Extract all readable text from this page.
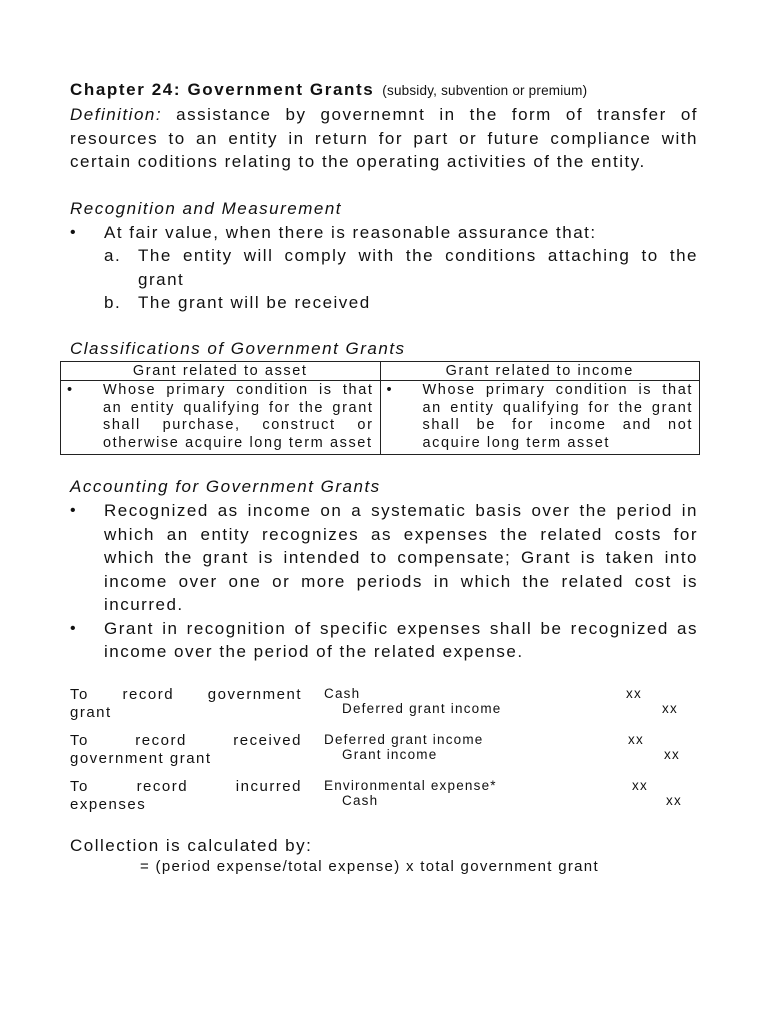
Chapter 24: Government Grants (subsidy, subvention or premium)
Definition: assistance by governemnt in the form of transfer of resources to an entity in return for part or future compliance with certain coditions relating to the operating activities of the entity.
Recognition and Measurement
•	At fair value, when there is reasonable assurance that:
a. The entity will comply with the conditions attaching to the grant
b. The grant will be received
Classifications of Government Grants
Grant related to asset	Grant related to income

• Whose primary condition is that an entity qualifying for the grant shall purchase, construct or otherwise acquire long term asset	• Whose primary condition is that an entity qualifying for the grant shall be for income and not acquire long term asset
Accounting for Government Grants
•	Recognized as income on a systematic basis over the period in which an entity recognizes as expenses the related costs for which the grant is intended to compensate; Grant is taken into income over one or more periods in which the related cost is incurred.
•	Grant in recognition of specific expenses shall be recognized as income over the period of the related expense.
To record government
grant
Cash	xx
Deferred grant income	xx
To record received
government grant
Deferred grant income	xx
Grant income	xx
To record incurred
expenses
Environmental expense*	xx
Cash	xx
Collection is calculated by:
= (period expense/total expense) x total government grant
